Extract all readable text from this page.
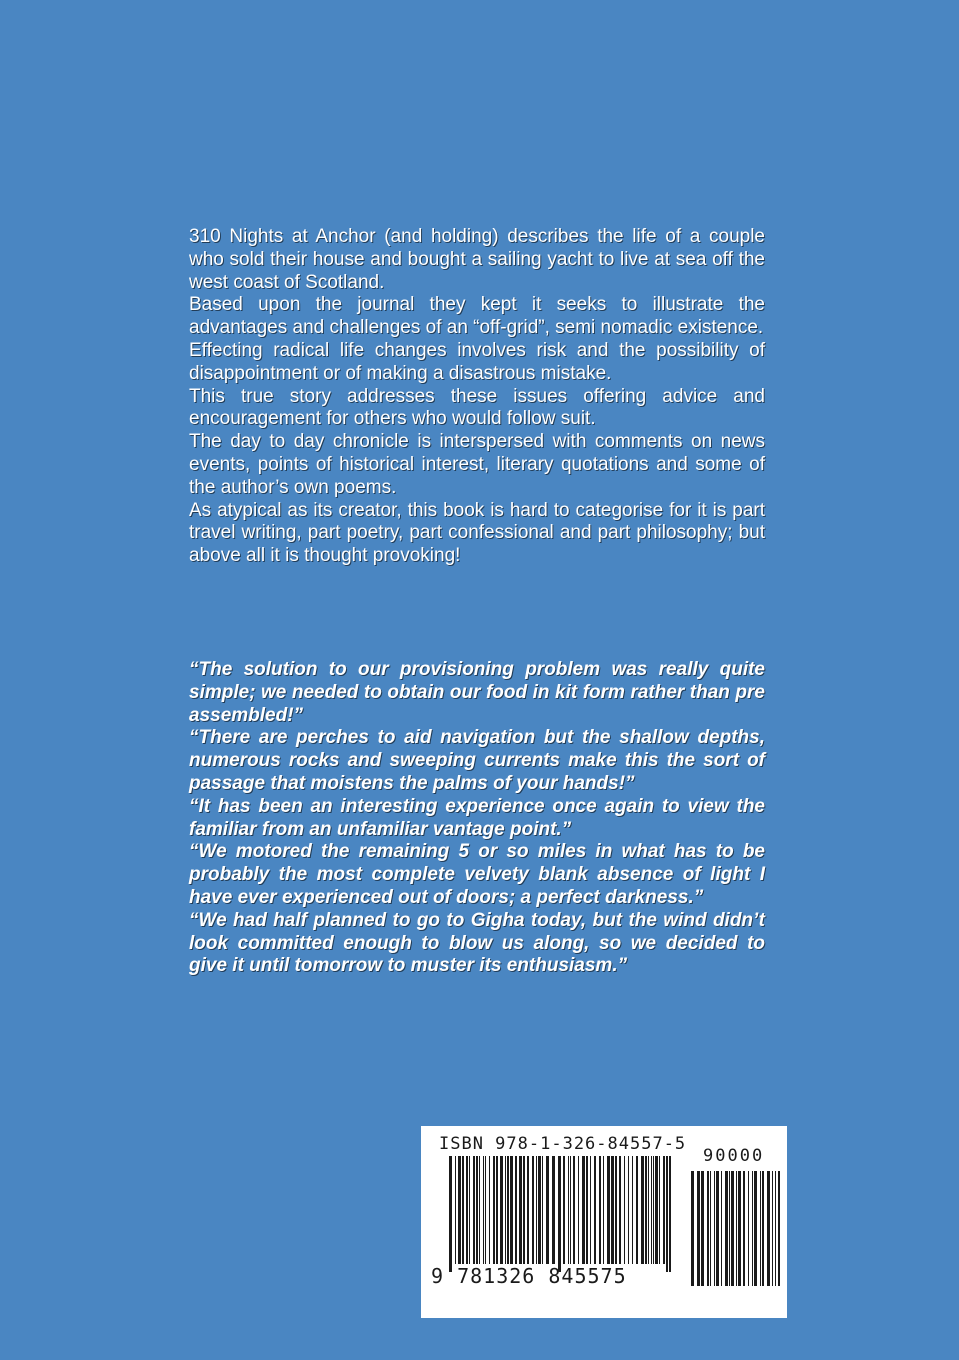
310 Nights at Anchor (and holding) describes the life of a couple who sold their house and bought a sailing yacht to live at sea off the west coast of Scotland.

Based upon the journal they kept it seeks to illustrate the advantages and challenges of an “off-grid”, semi nomadic existence.

Effecting radical life changes involves risk and the possibility of disappointment or of making a disastrous mistake.

This true story addresses these issues offering advice and encouragement for others who would follow suit.

The day to day chronicle is interspersed with comments on news events, points of historical interest, literary quotations and some of the author’s own poems.

As atypical as its creator, this book is hard to categorise for it is part travel writing, part poetry, part confessional and part philosophy; but above all it is thought provoking!

“The solution to our provisioning problem was really quite simple; we needed to obtain our food in kit form rather than pre assembled!”

“There are perches to aid navigation but the shallow depths, numerous rocks and sweeping currents make this the sort of passage that moistens the palms of your hands!”

“It has been an interesting experience once again to view the familiar from an unfamiliar vantage point.”

“We motored the remaining 5 or so miles in what has to be probably the most complete velvety blank absence of light I have ever experienced out of doors; a perfect darkness.”

“We had half planned to go to Gigha today, but the wind didn’t look committed enough to blow us along, so we decided to give it until tomorrow to muster its enthusiasm.”

ISBN 978-1-326-84557-5
90000
9 781326 845575
